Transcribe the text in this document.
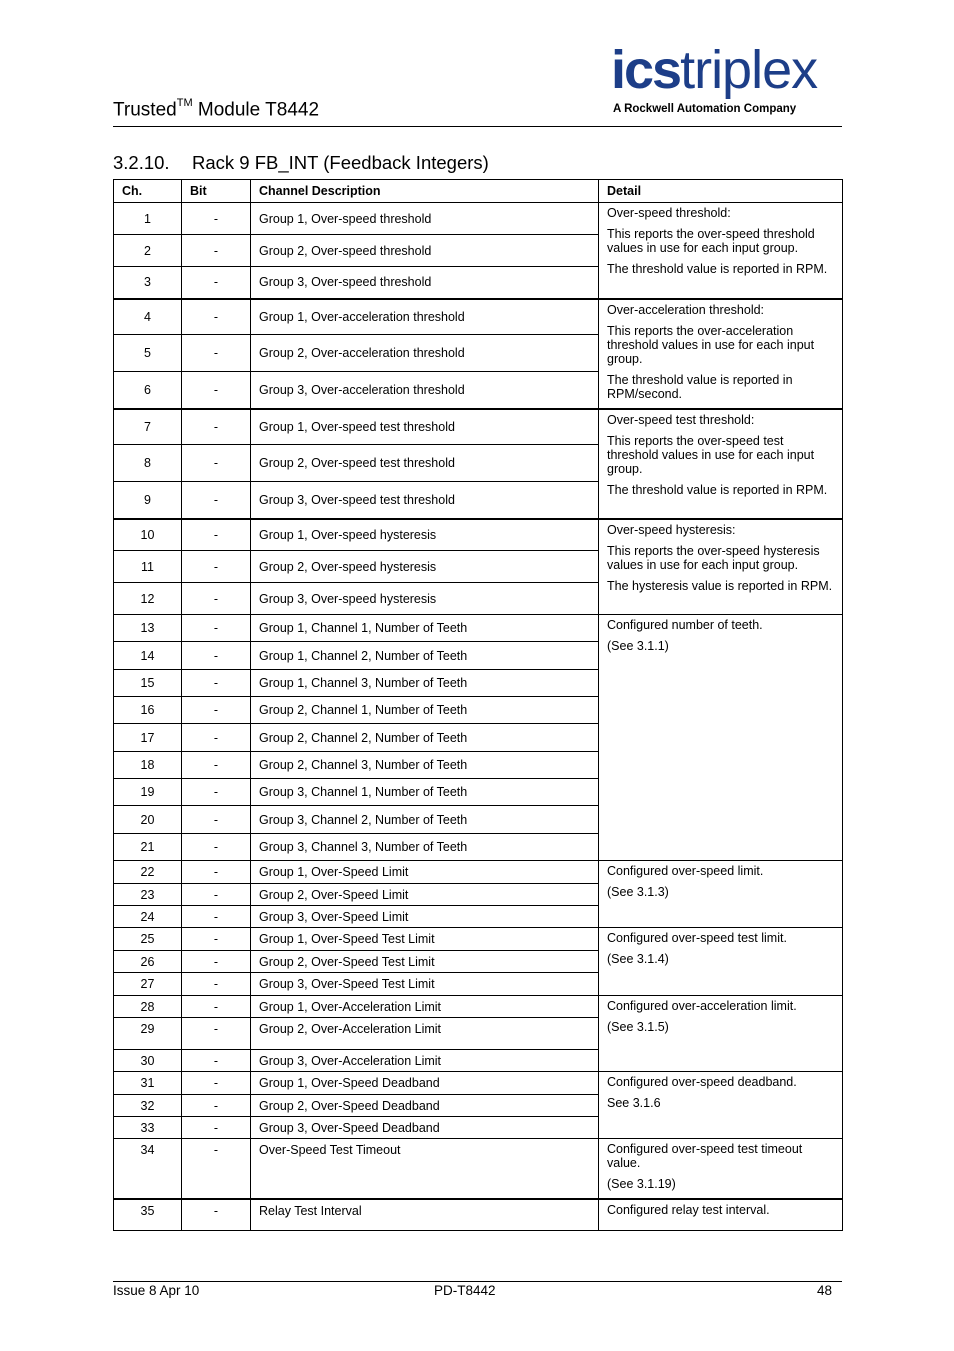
icstriplex
A Rockwell Automation Company
Trusted™ Module T8442
3.2.10. Rack 9 FB_INT (Feedback Integers)
Ch.	Bit	Channel Description	Detail
1	-	Group 1, Over-speed threshold	Over-speed threshold:

This reports the over-speed threshold values in use for each input group.

The threshold value is reported in RPM.

2	-	Group 2, Over-speed threshold	
3	-	Group 3, Over-speed threshold	
4	-	Group 1, Over-acceleration threshold	Over-acceleration threshold:

This reports the over-acceleration threshold values in use for each input group.

The threshold value is reported in RPM/second.

5	-	Group 2, Over-acceleration threshold	
6	-	Group 3, Over-acceleration threshold	
7	-	Group 1, Over-speed test threshold	Over-speed test threshold:

This reports the over-speed test threshold values in use for each input group.

The threshold value is reported in RPM.

8	-	Group 2, Over-speed test threshold	
9	-	Group 3, Over-speed test threshold	
10	-	Group 1, Over-speed hysteresis	Over-speed hysteresis:

This reports the over-speed hysteresis values in use for each input group.

The hysteresis value is reported in RPM.

11	-	Group 2, Over-speed hysteresis	
12	-	Group 3, Over-speed hysteresis	
13	-	Group 1, Channel 1, Number of Teeth	Configured number of teeth.

(See 3.1.1)

14	-	Group 1, Channel 2, Number of Teeth	
15	-	Group 1, Channel 3, Number of Teeth	
16	-	Group 2, Channel 1, Number of Teeth	
17	-	Group 2, Channel 2, Number of Teeth	
18	-	Group 2, Channel 3, Number of Teeth	
19	-	Group 3, Channel 1, Number of Teeth	
20	-	Group 3, Channel 2, Number of Teeth	
21	-	Group 3, Channel 3, Number of Teeth	
22	-	Group 1, Over-Speed Limit	Configured over-speed limit.

(See 3.1.3)

23	-	Group 2, Over-Speed Limit	
24	-	Group 3, Over-Speed Limit	
25	-	Group 1, Over-Speed Test Limit	Configured over-speed test limit.

(See 3.1.4)

26	-	Group 2, Over-Speed Test Limit	
27	-	Group 3, Over-Speed Test Limit	
28	-	Group 1, Over-Acceleration Limit	Configured over-acceleration limit.

(See 3.1.5)

29	-	Group 2, Over-Acceleration Limit	
30	-	Group 3, Over-Acceleration Limit	
31	-	Group 1, Over-Speed Deadband	Configured over-speed deadband.

See 3.1.6

32	-	Group 2, Over-Speed Deadband	
33	-	Group 3, Over-Speed Deadband	
34	-	Over-Speed Test Timeout	Configured over-speed test timeout value.

(See 3.1.19)

35	-	Relay Test Interval	Configured relay test interval.

Issue 8 Apr 10	PD-T8442	48
